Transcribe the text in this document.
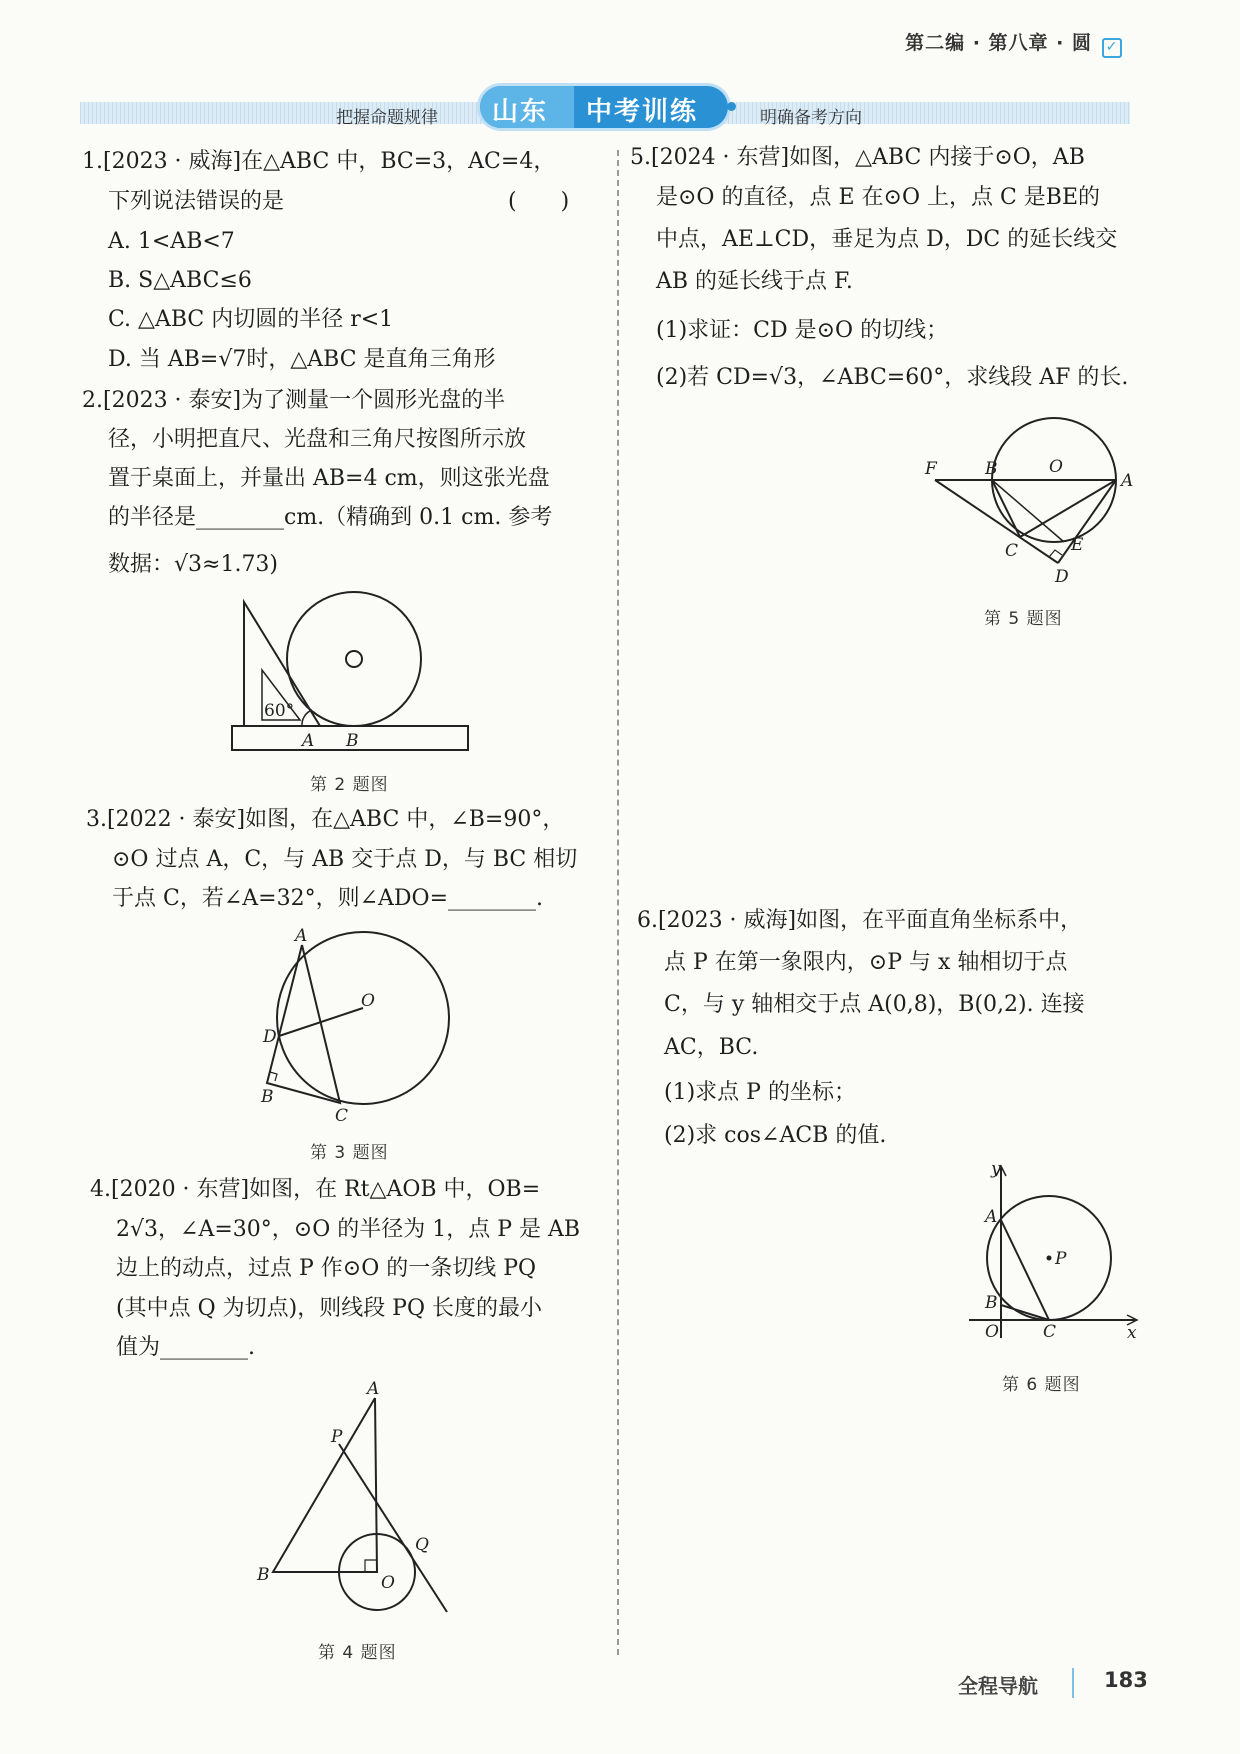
第二编 · 第八章 · 圆 ✓
把握命题规律 山东 中考训练	明确备考方向
1.[2023 · 威海]在△ABC 中，BC=3，AC=4，
下列说法错误的是	(　　)
A. 1<AB<7
B. S△ABC≤6
C. △ABC 内切圆的半径 r<1
D. 当 AB=√7时，△ABC 是直角三角形
2.[2023 · 泰安]为了测量一个圆形光盘的半
径，小明把直尺、光盘和三角尺按图所示放
置于桌面上，并量出 AB=4 cm，则这张光盘
的半径是________cm.（精确到 0.1 cm. 参考
数据：√3≈1.73)
60°
A B
第 2 题图
3.[2022 · 泰安]如图，在△ABC 中，∠B=90°，
⊙O 过点 A，C，与 AB 交于点 D，与 BC 相切
于点 C，若∠A=32°，则∠ADO=________.
A
O
D
B
C
第 3 题图
4.[2020 · 东营]如图，在 Rt△AOB 中，OB=
2√3，∠A=30°，⊙O 的半径为 1，点 P 是 AB
边上的动点，过点 P 作⊙O 的一条切线 PQ
(其中点 Q 为切点)，则线段 PQ 长度的最小
值为________.
A
P
Q
B	O
第 4 题图
5.[2024 · 东营]如图，△ABC 内接于⊙O，AB
是⊙O 的直径，点 E 在⊙O 上，点 C 是BE的
中点，AE⊥CD，垂足为点 D，DC 的延长线交
AB 的延长线于点 F.
(1)求证：CD 是⊙O 的切线；
(2)若 CD=√3，∠ABC=60°，求线段 AF 的长.
F	B	O
A
C	E
D
第 5 题图
6.[2023 · 威海]如图，在平面直角坐标系中，
点 P 在第一象限内，⊙P 与 x 轴相切于点
C，与 y 轴相交于点 A(0,8)，B(0,2). 连接
AC，BC.
(1)求点 P 的坐标；
(2)求 cos∠ACB 的值.
y
A
P
B
O	C	x
第 6 题图
全程导航	183
